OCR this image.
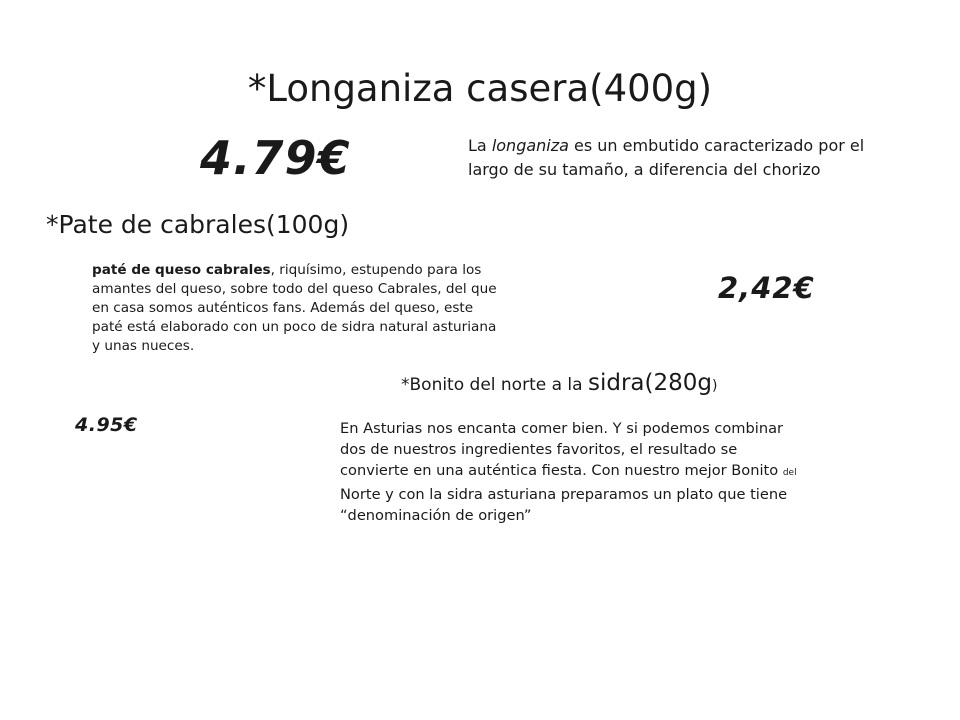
*Longaniza casera(400g)
4.79€	La longaniza es un embutido caracterizado por el largo de su tamaño, a diferencia del chorizo
*Pate de cabrales(100g)
paté de queso cabrales, riquísimo, estupendo para los amantes del queso, sobre todo del queso Cabrales, del que en casa somos auténticos fans. Además del queso, este paté está elaborado con un poco de sidra natural asturiana y unas nueces.
2,42€
*Bonito del norte a la sidra(280g)
4.95€	En Asturias nos encanta comer bien. Y si podemos combinar dos de nuestros ingredientes favoritos, el resultado se convierte en una auténtica fiesta. Con nuestro mejor Bonito del Norte y con la sidra asturiana preparamos un plato que tiene “denominación de origen”
